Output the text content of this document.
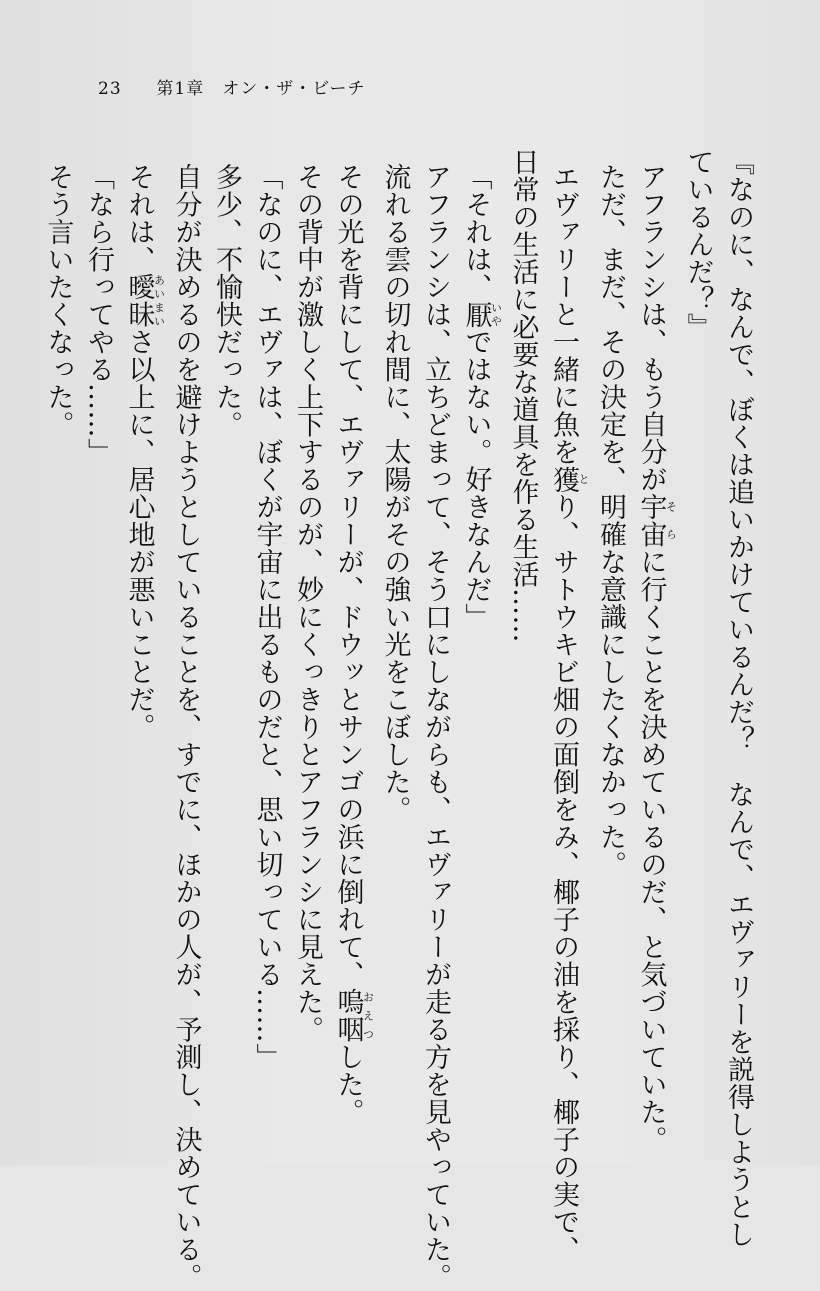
23 第1章　オン・ザ・ビーチ

『なのに、なんで、ぼくは追いかけているんだ？　なんで、エヴァリーを説得しようとし

ているんだ？』

アフランシは、もう自分が宇宙そらに行くことを決めているのだ、と気づいていた。

ただ、まだ、その決定を、明確な意識にしたくなかった。

エヴァリーと一緒に魚を獲とり、サトウキビ畑の面倒をみ、椰子の油を採り、椰子の実で、

日常の生活に必要な道具を作る生活……

「それは、厭いやではない。好きなんだ」

アフランシは、立ちどまって、そう口にしながらも、エヴァリーが走る方を見やっていた。

流れる雲の切れ間に、太陽がその強い光をこぼした。

その光を背にして、エヴァリーが、ドウッとサンゴの浜に倒れて、嗚咽おえつした。

その背中が激しく上下するのが、妙にくっきりとアフランシに見えた。

「なのに、エヴァは、ぼくが宇宙に出るものだと、思い切っている……」

多少、不愉快だった。

自分が決めるのを避けようとしていることを、すでに、ほかの人が、予測し、決めている。

それは、曖昧あいまいさ以上に、居心地が悪いことだ。

「なら行ってやる……」

そう言いたくなった。
